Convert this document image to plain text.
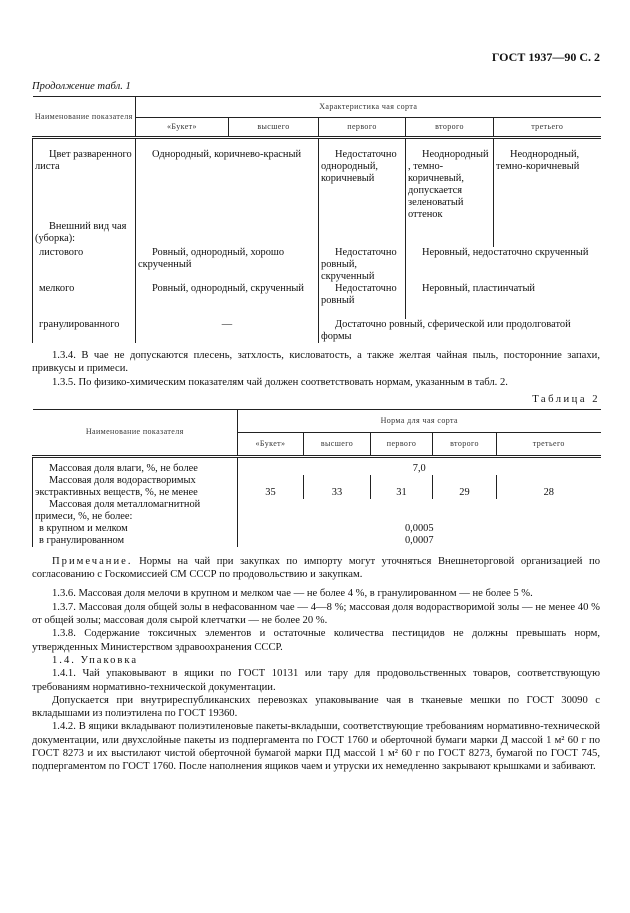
ГОСТ 1937—90 С. 2
Продолжение табл. 1
Наименование показателя	Характеристика чая сорта				
	«Букет»	высшего	первого	второго	третьего
Цвет разваренного листа	Однородный, коричнево-красный		Недостаточно однородный, коричневый	Неоднородный, темно-коричневый, допускается зеленоватый оттенок	Неоднородный, темно-коричневый
Внешний вид чая (уборка):					
листового	Ровный, однородный, хорошо скрученный		Недостаточно ровный, скрученный	Неровный, недостаточно скрученный	
мелкого	Ровный, однородный, скрученный		Недостаточно ровный	Неровный, пластинчатый	
гранулированного	—		Достаточно ровный, сферической или продолговатой формы		

1.3.4. В чае не допускаются плесень, затхлость, кисловатость, а также желтая чайная пыль, посторонние запахи, привкусы и примеси.

1.3.5. По физико-химическим показателям чай должен соответствовать нормам, указанным в табл. 2.

Таблица 2
Наименование показателя	Норма для чая сорта				
	«Букет»	высшего	первого	второго	третьего
Массовая доля влаги, %, не более	7,0				

Массовая доля водорастворимых
экстрактивных веществ, %, не менее	35	33	31	29	28

Массовая доля металломагнитной
примеси, %, не более:					

в крупном и мелком	0,0005				
в гранулированном	0,0007				

Примечание. Нормы на чай при закупках по импорту могут уточняться Внешнеторговой организацией по согласованию с Госкомиссией СМ СССР по продовольствию и закупкам.

1.3.6. Массовая доля мелочи в крупном и мелком чае — не более 4 %, в гранулированном — не более 5 %.

1.3.7. Массовая доля общей золы в нефасованном чае — 4—8 %; массовая доля водорастворимой золы — не менее 40 % от общей золы; массовая доля сырой клетчатки — не более 20 %.

1.3.8. Содержание токсичных элементов и остаточные количества пестицидов не должны превышать норм, утвержденных Министерством здравоохранения СССР.

1.4. Упаковка

1.4.1. Чай упаковывают в ящики по ГОСТ 10131 или тару для продовольственных товаров, соответствующую требованиям нормативно-технической документации.

Допускается при внутриреспубликанских перевозках упаковывание чая в тканевые мешки по ГОСТ 30090 с вкладышами из полиэтилена по ГОСТ 19360.

1.4.2. В ящики вкладывают полиэтиленовые пакеты-вкладыши, соответствующие требованиям нормативно-технической документации, или двухслойные пакеты из подпергамента по ГОСТ 1760 и оберточной бумаги марки Д массой 1 м² 60 г по ГОСТ 8273 и их выстилают чистой оберточной бумагой марки ПД массой 1 м² 60 г по ГОСТ 8273, бумагой по ГОСТ 745, подпергаментом по ГОСТ 1760. После наполнения ящиков чаем и утруски их немедленно закрывают крышками и забивают.
